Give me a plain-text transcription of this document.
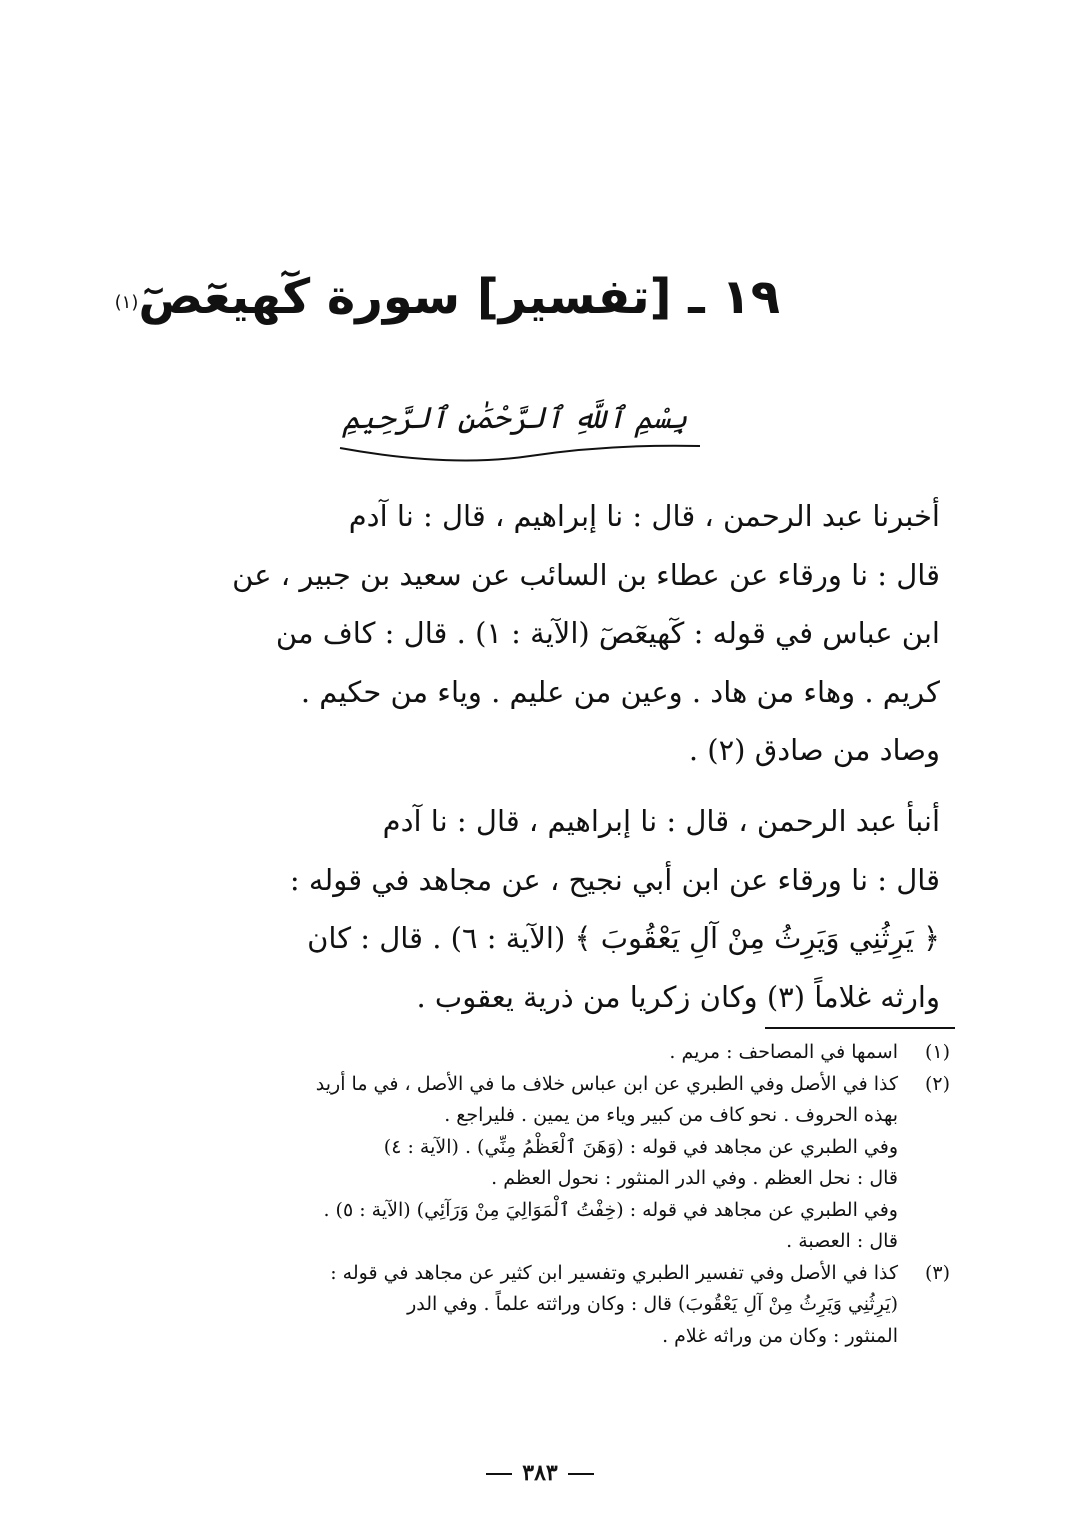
١٩ ـ [تفسير] سورة كٓهيعٓصٓ$^{(١)}$
بِسْمِ ٱللَّهِ ٱلرَّحْمَٰنِ ٱلرَّحِيمِ

أخبرنا عبد الرحمن ، قال : نا إبراهيم ، قال : نا آدم

قال : نا ورقاء عن عطاء بن السائب عن سعيد بن جبير ، عن

ابن عباس في قوله : كٓهيعٓصٓ (الآية : ١) . قال : كاف من

كريم . وهاء من هاد . وعين من عليم . وياء من حكيم .

وصاد من صادق (٢) .

أنبأ عبد الرحمن ، قال : نا إبراهيم ، قال : نا آدم

قال : نا ورقاء عن ابن أبي نجيح ، عن مجاهد في قوله :

﴿ يَرِثُنِي وَيَرِثُ مِنْ آلِ يَعْقُوبَ ﴾ (الآية : ٦) . قال : كان

وارثه غلاماً (٣) وكان زكريا من ذرية يعقوب .

(١)
اسمها في المصاحف : مريم .
(٢)
كذا في الأصل وفي الطبري عن ابن عباس خلاف ما في الأصل ، في ما أريد
بهذه الحروف . نحو كاف من كبير وياء من يمين . فليراجع .
وفي الطبري عن مجاهد في قوله : (وَهَنَ ٱلْعَظْمُ مِنِّي) . (الآية : ٤)
قال : نحل العظم . وفي الدر المنثور : نحول العظم .
وفي الطبري عن مجاهد في قوله : (خِفْتُ ٱلْمَوَالِيَ مِنْ وَرَآئِي) (الآية : ٥) .
قال : العصبة .
(٣)
كذا في الأصل وفي تفسير الطبري وتفسير ابن كثير عن مجاهد في قوله :
(يَرِثُنِي وَيَرِثُ مِنْ آلِ يَعْقُوبَ) قال : وكان وراثته علماً . وفي الدر
المنثور : وكان من وراثه غلام .
٣٨٣
